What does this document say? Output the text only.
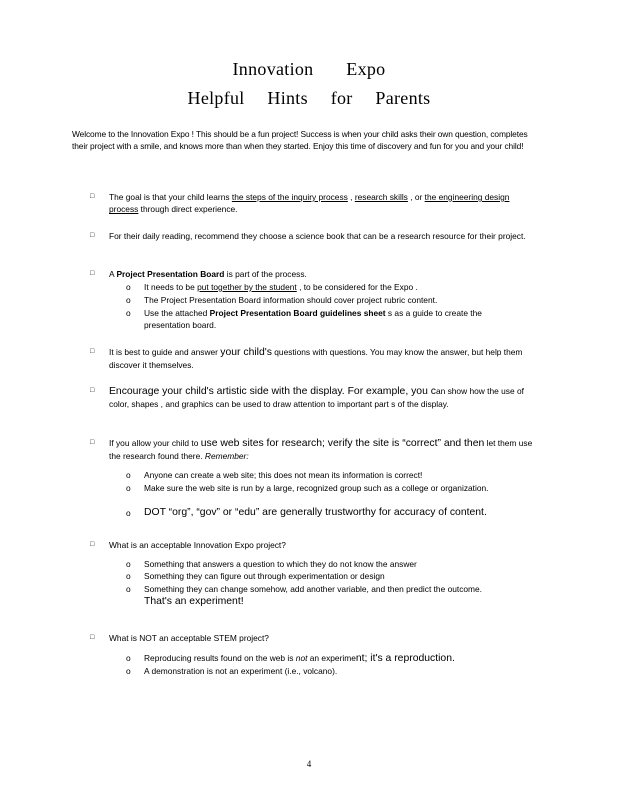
Innovation Expo
Helpful Hints for Parents
Welcome to the Innovation Expo ! This should be a fun project! Success is when your child asks their own question, completes their project with a smile, and knows more than when they started. Enjoy this time of discovery and fun for you and your child!
□ The goal is that your child learns the steps of the inquiry process , research skills , or the engineering design process through direct experience.
□ For their daily reading, recommend they choose a science book that can be a research resource for their project.
□ A Project Presentation Board is part of the process.
o It needs to be put together by the student , to be considered for the Expo .
o The Project Presentation Board information should cover project rubric content.
o Use the attached Project Presentation Board guidelines sheet s as a guide to create the presentation board.
□ It is best to guide and answer your child's questions with questions. You may know the answer, but help them discover it themselves.
□ Encourage your child's artistic side with the display. For example, you can show how the use of color, shapes , and graphics can be used to draw attention to important part s of the display.
□ If you allow your child to use web sites for research; verify the site is “correct” and then let them use the research found there. Remember:
o Anyone can create a web site; this does not mean its information is correct!
o Make sure the web site is run by a large, recognized group such as a college or organization.
o DOT “org”, “gov” or “edu” are generally trustworthy for accuracy of content.
□ What is an acceptable Innovation Expo project?
o Something that answers a question to which they do not know the answer
o Something they can figure out through experimentation or design
o Something they can change somehow, add another variable, and then predict the outcome.
That's an experiment!
□ What is NOT an acceptable STEM project?
o Reproducing results found on the web is not an experiment; it's a reproduction.
o A demonstration is not an experiment (i.e., volcano).
4
